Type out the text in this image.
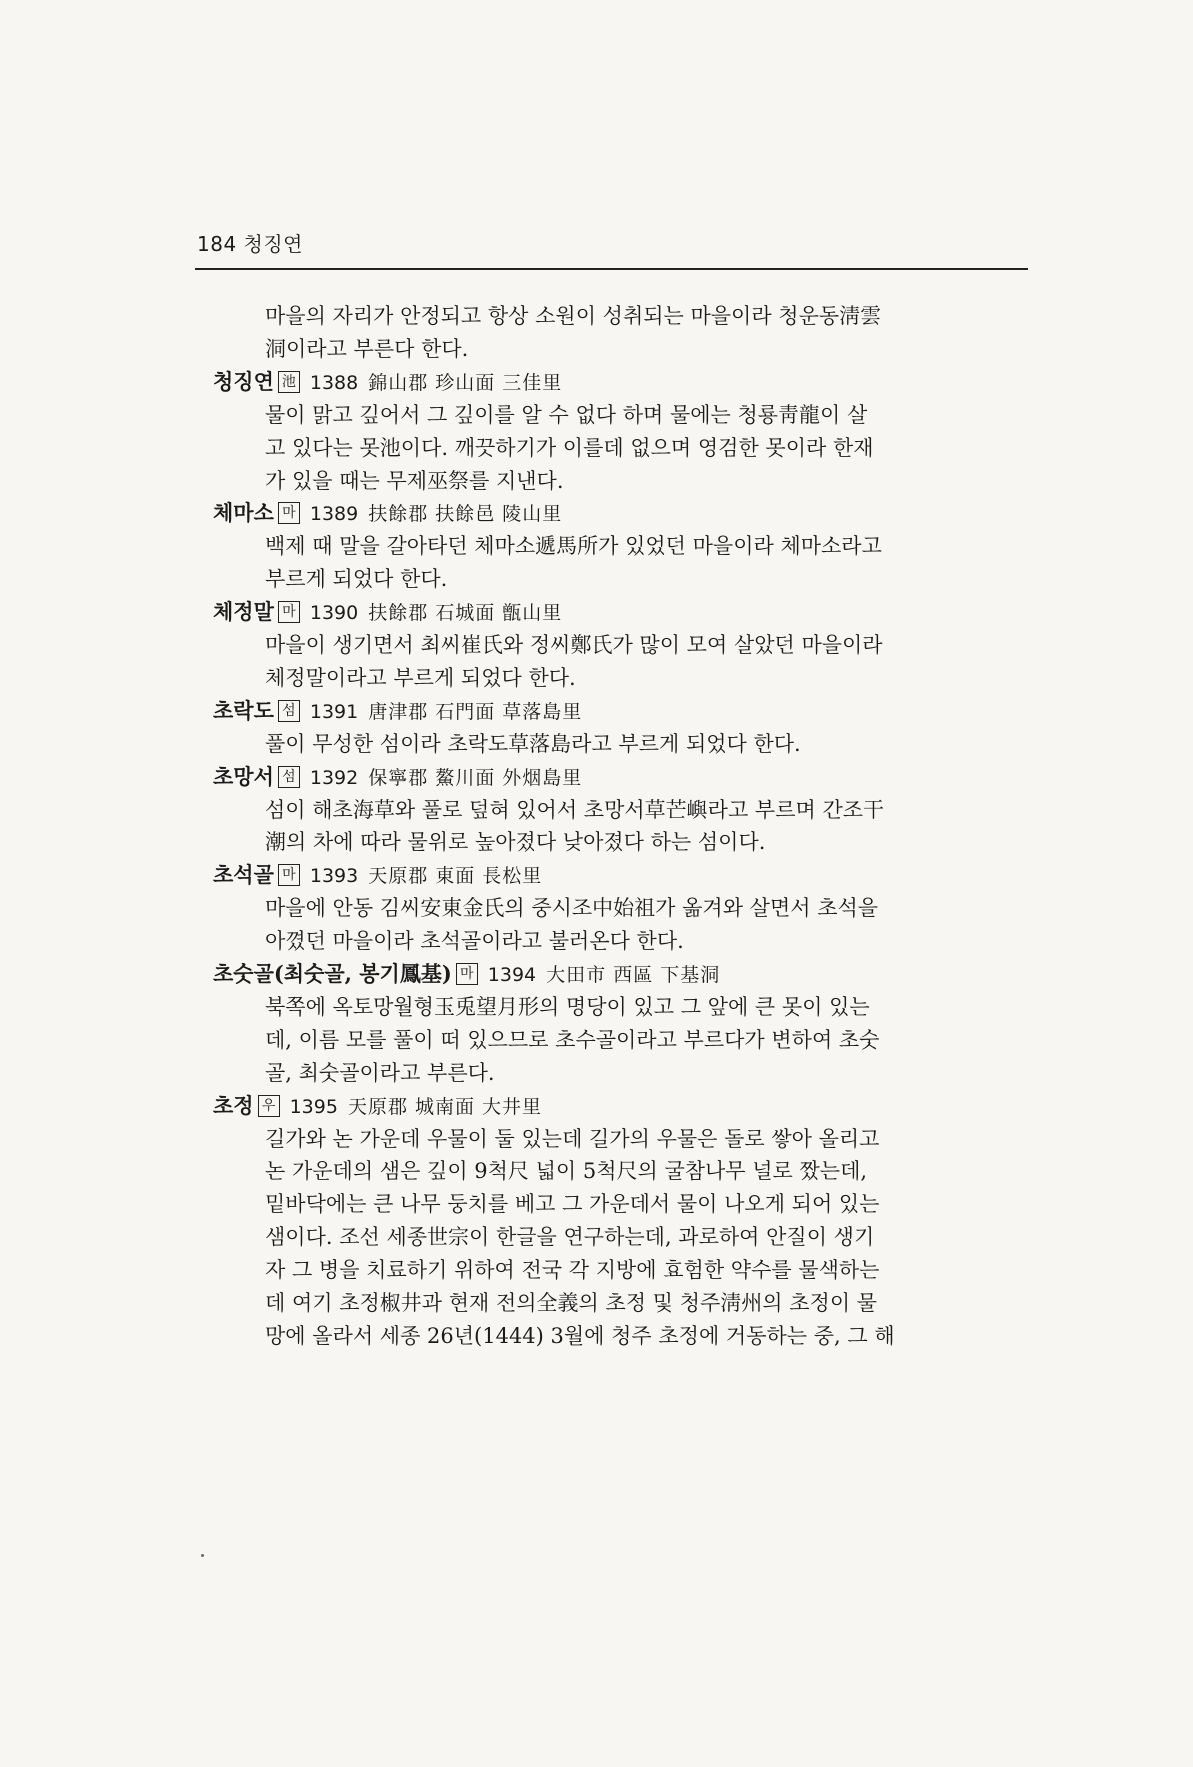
184 청징연
마을의 자리가 안정되고 항상 소원이 성취되는 마을이라 청운동淸雲
洞이라고 부른다 한다.
청징연 池 1388 錦山郡 珍山面 三佳里
물이 맑고 깊어서 그 깊이를 알 수 없다 하며 물에는 청룡靑龍이 살
고 있다는 못池이다. 깨끗하기가 이를데 없으며 영검한 못이라 한재
가 있을 때는 무제巫祭를 지낸다.
체마소 마 1389 扶餘郡 扶餘邑 陵山里
백제 때 말을 갈아타던 체마소遞馬所가 있었던 마을이라 체마소라고
부르게 되었다 한다.
체정말 마 1390 扶餘郡 石城面 甑山里
마을이 생기면서 최씨崔氏와 정씨鄭氏가 많이 모여 살았던 마을이라
체정말이라고 부르게 되었다 한다.
초락도 섬 1391 唐津郡 石門面 草落島里
풀이 무성한 섬이라 초락도草落島라고 부르게 되었다 한다.
초망서 섬 1392 保寧郡 鰲川面 外烟島里
섬이 해초海草와 풀로 덮혀 있어서 초망서草芒嶼라고 부르며 간조干
潮의 차에 따라 물위로 높아졌다 낮아졌다 하는 섬이다.
초석골 마 1393 天原郡 東面 長松里
마을에 안동 김씨安東金氏의 중시조中始祖가 옮겨와 살면서 초석을
아꼈던 마을이라 초석골이라고 불러온다 한다.
초숫골(최숫골, 봉기鳳基) 마 1394 大田市 西區 下基洞
북쪽에 옥토망월형玉兎望月形의 명당이 있고 그 앞에 큰 못이 있는
데, 이름 모를 풀이 떠 있으므로 초수골이라고 부르다가 변하여 초숫
골, 최숫골이라고 부른다.
초정 우 1395 天原郡 城南面 大井里
길가와 논 가운데 우물이 둘 있는데 길가의 우물은 돌로 쌓아 올리고
논 가운데의 샘은 깊이 9척尺 넓이 5척尺의 굴참나무 널로 짰는데,
밑바닥에는 큰 나무 둥치를 베고 그 가운데서 물이 나오게 되어 있는
샘이다. 조선 세종世宗이 한글을 연구하는데, 과로하여 안질이 생기
자 그 병을 치료하기 위하여 전국 각 지방에 효험한 약수를 물색하는
데 여기 초정椒井과 현재 전의全義의 초정 및 청주淸州의 초정이 물
망에 올라서 세종 26년(1444) 3월에 청주 초정에 거동하는 중, 그 해
